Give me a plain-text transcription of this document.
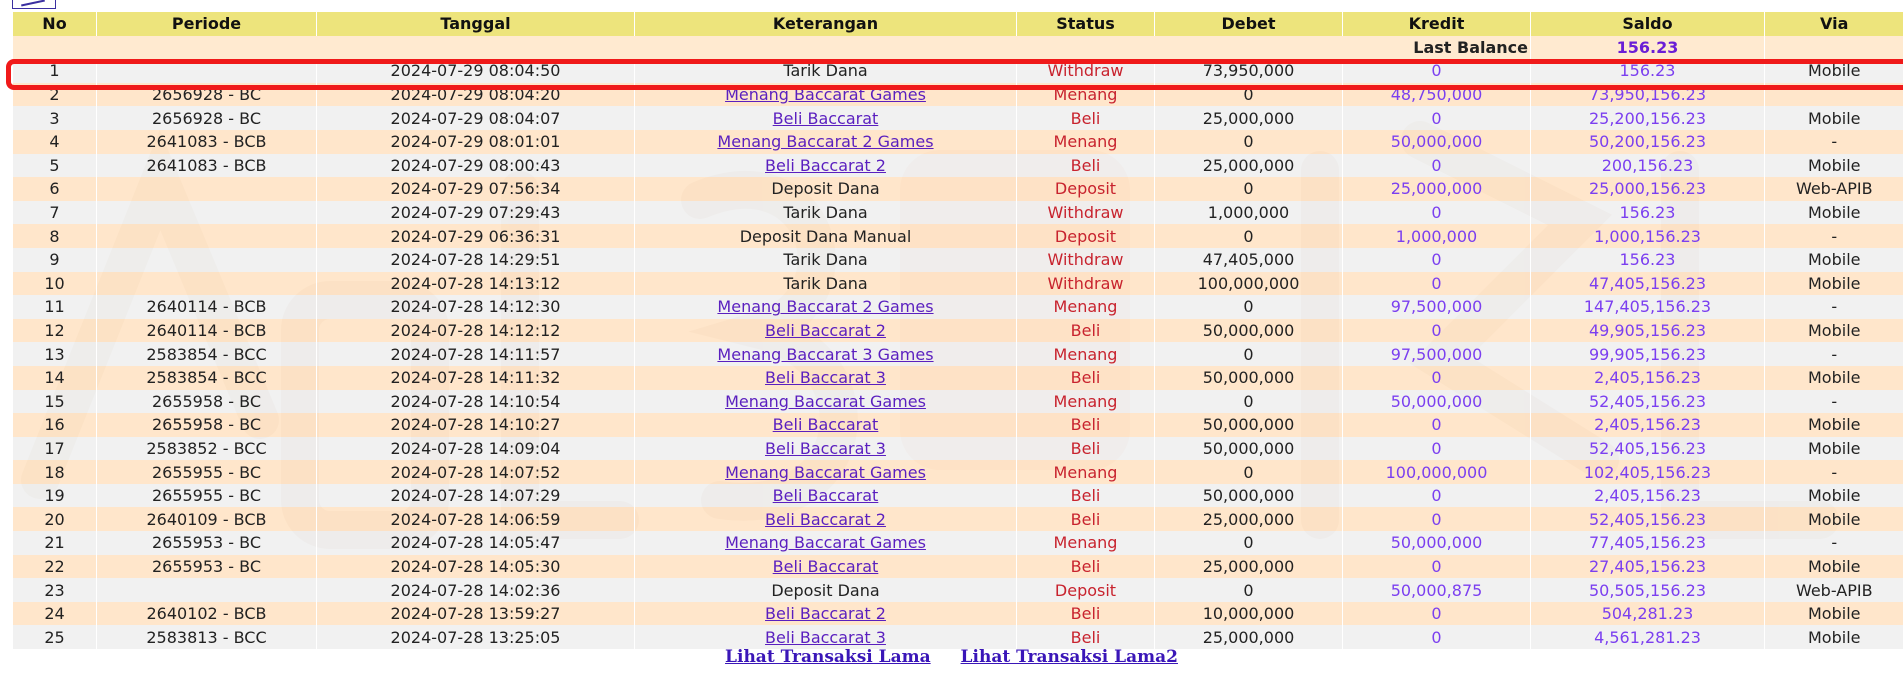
No	Periode	Tanggal	Keterangan	Status	Debet	Kredit	Saldo	Via
Last Balance							156.23	
1		2024-07-29 08:04:50	Tarik Dana	Withdraw	73,950,000	0	156.23	Mobile
2	2656928 - BC	2024-07-29 08:04:20	Menang Baccarat Games	Menang	0	48,750,000	73,950,156.23	
3	2656928 - BC	2024-07-29 08:04:07	Beli Baccarat	Beli	25,000,000	0	25,200,156.23	Mobile
4	2641083 - BCB	2024-07-29 08:01:01	Menang Baccarat 2 Games	Menang	0	50,000,000	50,200,156.23	-
5	2641083 - BCB	2024-07-29 08:00:43	Beli Baccarat 2	Beli	25,000,000	0	200,156.23	Mobile
6		2024-07-29 07:56:34	Deposit Dana	Deposit	0	25,000,000	25,000,156.23	Web-APIB
7		2024-07-29 07:29:43	Tarik Dana	Withdraw	1,000,000	0	156.23	Mobile
8		2024-07-29 06:36:31	Deposit Dana Manual	Deposit	0	1,000,000	1,000,156.23	-
9		2024-07-28 14:29:51	Tarik Dana	Withdraw	47,405,000	0	156.23	Mobile
10		2024-07-28 14:13:12	Tarik Dana	Withdraw	100,000,000	0	47,405,156.23	Mobile
11	2640114 - BCB	2024-07-28 14:12:30	Menang Baccarat 2 Games	Menang	0	97,500,000	147,405,156.23	-
12	2640114 - BCB	2024-07-28 14:12:12	Beli Baccarat 2	Beli	50,000,000	0	49,905,156.23	Mobile
13	2583854 - BCC	2024-07-28 14:11:57	Menang Baccarat 3 Games	Menang	0	97,500,000	99,905,156.23	-
14	2583854 - BCC	2024-07-28 14:11:32	Beli Baccarat 3	Beli	50,000,000	0	2,405,156.23	Mobile
15	2655958 - BC	2024-07-28 14:10:54	Menang Baccarat Games	Menang	0	50,000,000	52,405,156.23	-
16	2655958 - BC	2024-07-28 14:10:27	Beli Baccarat	Beli	50,000,000	0	2,405,156.23	Mobile
17	2583852 - BCC	2024-07-28 14:09:04	Beli Baccarat 3	Beli	50,000,000	0	52,405,156.23	Mobile
18	2655955 - BC	2024-07-28 14:07:52	Menang Baccarat Games	Menang	0	100,000,000	102,405,156.23	-
19	2655955 - BC	2024-07-28 14:07:29	Beli Baccarat	Beli	50,000,000	0	2,405,156.23	Mobile
20	2640109 - BCB	2024-07-28 14:06:59	Beli Baccarat 2	Beli	25,000,000	0	52,405,156.23	Mobile
21	2655953 - BC	2024-07-28 14:05:47	Menang Baccarat Games	Menang	0	50,000,000	77,405,156.23	-
22	2655953 - BC	2024-07-28 14:05:30	Beli Baccarat	Beli	25,000,000	0	27,405,156.23	Mobile
23		2024-07-28 14:02:36	Deposit Dana	Deposit	0	50,000,875	50,505,156.23	Web-APIB
24	2640102 - BCB	2024-07-28 13:59:27	Beli Baccarat 2	Beli	10,000,000	0	504,281.23	Mobile
25	2583813 - BCC	2024-07-28 13:25:05	Beli Baccarat 3	Beli	25,000,000	0	4,561,281.23	Mobile
Lihat Transaksi Lama Lihat Transaksi Lama2
